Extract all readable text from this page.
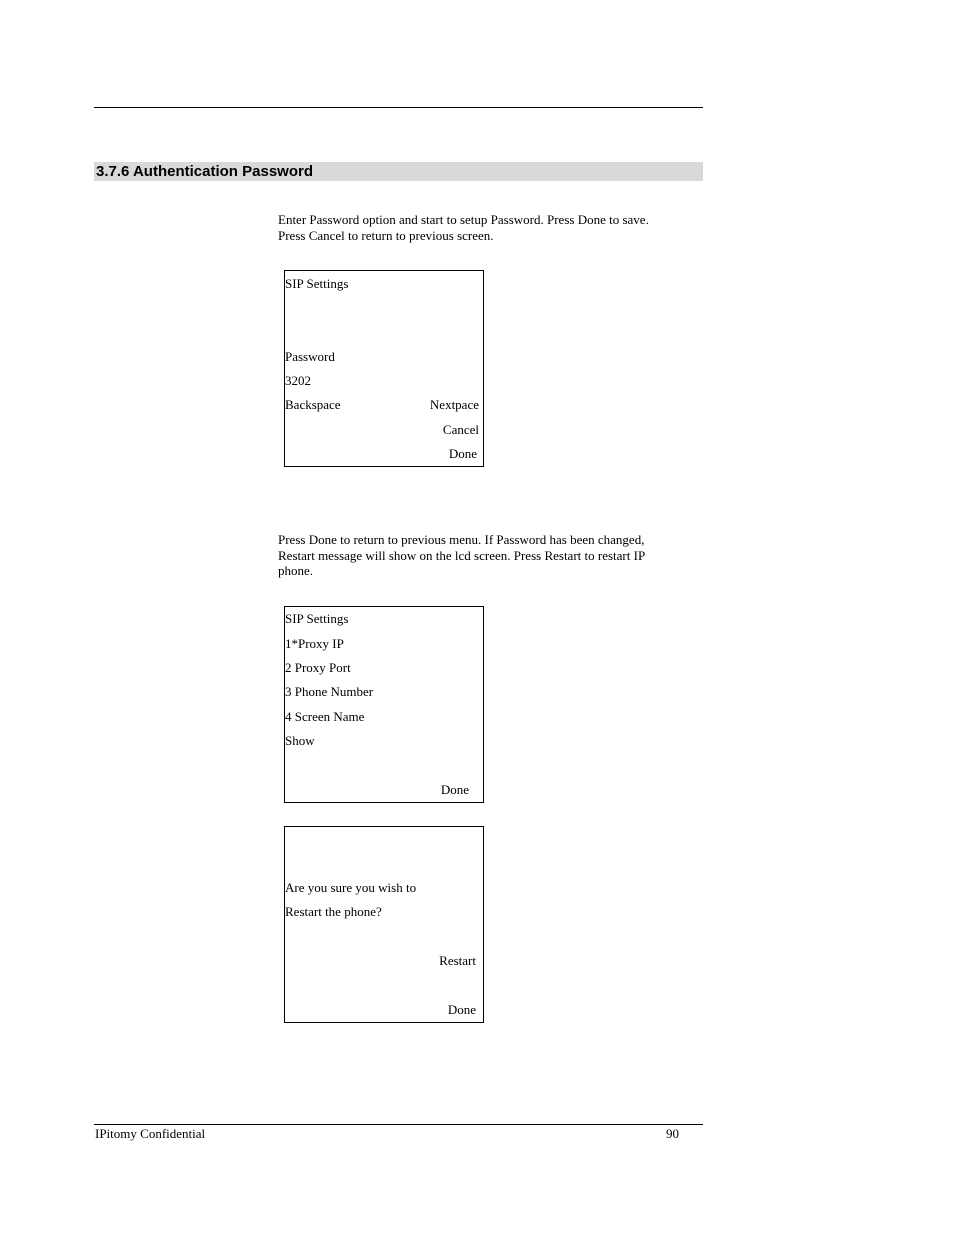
3.7.6 Authentication Password
Enter Password option and start to setup Password. Press Done to save.
Press Cancel to return to previous screen.
SIP Settings
Password
3202
Backspace	Nextpace
Cancel
Done
Press Done to return to previous menu. If Password has been changed,
Restart message will show on the lcd screen. Press Restart to restart IP
phone.
SIP Settings
1*Proxy IP
2 Proxy Port
3 Phone Number
4 Screen Name
Show
Done
Are you sure you wish to
Restart the phone?
Restart
Done
IPitomy Confidential	90
